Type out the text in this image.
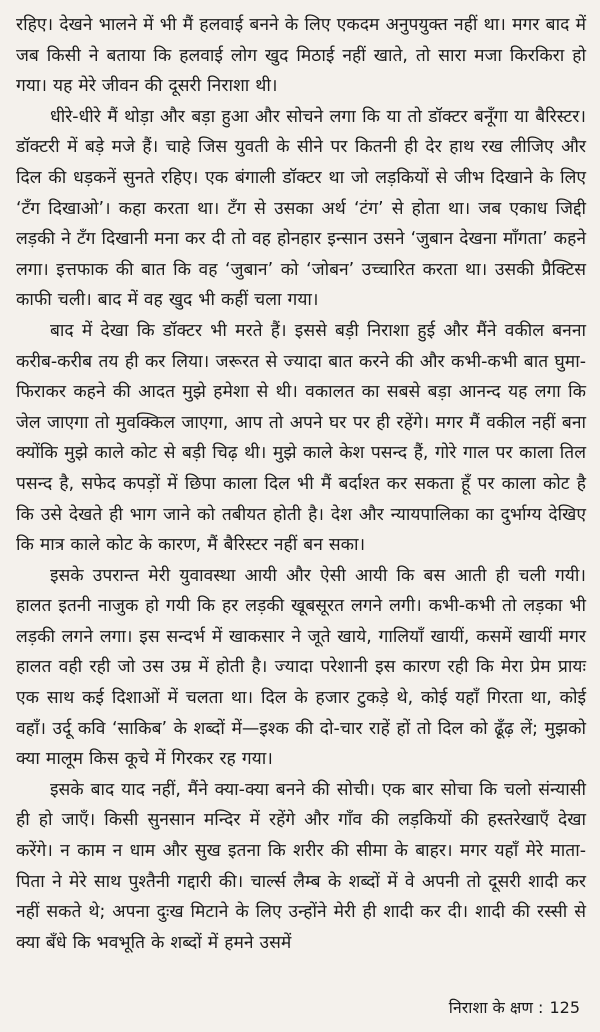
रहिए। देखने भालने में भी मैं हलवाई बनने के लिए एकदम अनुपयुक्त नहीं था। मगर बाद में जब किसी ने बताया कि हलवाई लोग खुद मिठाई नहीं खाते, तो सारा मजा किरकिरा हो गया। यह मेरे जीवन की दूसरी निराशा थी।

धीरे-धीरे मैं थोड़ा और बड़ा हुआ और सोचने लगा कि या तो डॉक्टर बनूँगा या बैरिस्टर। डॉक्टरी में बड़े मजे हैं। चाहे जिस युवती के सीने पर कितनी ही देर हाथ रख लीजिए और दिल की धड़कनें सुनते रहिए। एक बंगाली डॉक्टर था जो लड़कियों से जीभ दिखाने के लिए ‘टँग दिखाओ’। कहा करता था। टँग से उसका अर्थ ‘टंग’ से होता था। जब एकाध जिद्दी लड़की ने टँग दिखानी मना कर दी तो वह होनहार इन्सान उसने ‘जुबान देखना माँगता’ कहने लगा। इत्तफाक की बात कि वह ‘जुबान’ को ‘जोबन’ उच्चारित करता था। उसकी प्रैक्टिस काफी चली। बाद में वह खुद भी कहीं चला गया।

बाद में देखा कि डॉक्टर भी मरते हैं। इससे बड़ी निराशा हुई और मैंने वकील बनना करीब-करीब तय ही कर लिया। जरूरत से ज्यादा बात करने की और कभी-कभी बात घुमा-फिराकर कहने की आदत मुझे हमेशा से थी। वकालत का सबसे बड़ा आनन्द यह लगा कि जेल जाएगा तो मुवक्किल जाएगा, आप तो अपने घर पर ही रहेंगे। मगर मैं वकील नहीं बना क्योंकि मुझे काले कोट से बड़ी चिढ़ थी। मुझे काले केश पसन्द हैं, गोरे गाल पर काला तिल पसन्द है, सफेद कपड़ों में छिपा काला दिल भी मैं बर्दाश्त कर सकता हूँ पर काला कोट है कि उसे देखते ही भाग जाने को तबीयत होती है। देश और न्यायपालिका का दुर्भाग्य देखिए कि मात्र काले कोट के कारण, मैं बैरिस्टर नहीं बन सका।

इसके उपरान्त मेरी युवावस्था आयी और ऐसी आयी कि बस आती ही चली गयी। हालत इतनी नाजुक हो गयी कि हर लड़की खूबसूरत लगने लगी। कभी-कभी तो लड़का भी लड़की लगने लगा। इस सन्दर्भ में खाकसार ने जूते खाये, गालियाँ खायीं, कसमें खायीं मगर हालत वही रही जो उस उम्र में होती है। ज्यादा परेशानी इस कारण रही कि मेरा प्रेम प्रायः एक साथ कई दिशाओं में चलता था। दिल के हजार टुकड़े थे, कोई यहाँ गिरता था, कोई वहाँ। उर्दू कवि ‘साकिब’ के शब्दों में—इश्क की दो-चार राहें हों तो दिल को ढूँढ़ लें; मुझको क्या मालूम किस कूचे में गिरकर रह गया।

इसके बाद याद नहीं, मैंने क्या-क्या बनने की सोची। एक बार सोचा कि चलो संन्यासी ही हो जाएँ। किसी सुनसान मन्दिर में रहेंगे और गाँव की लड़कियों की हस्तरेखाएँ देखा करेंगे। न काम न धाम और सुख इतना कि शरीर की सीमा के बाहर। मगर यहाँ मेरे माता-पिता ने मेरे साथ पुश्तैनी गद्दारी की। चार्ल्स लैम्ब के शब्दों में वे अपनी तो दूसरी शादी कर नहीं सकते थे; अपना दुःख मिटाने के लिए उन्होंने मेरी ही शादी कर दी। शादी की रस्सी से क्या बँधे कि भवभूति के शब्दों में हमने उसमें

निराशा के क्षण : 125
